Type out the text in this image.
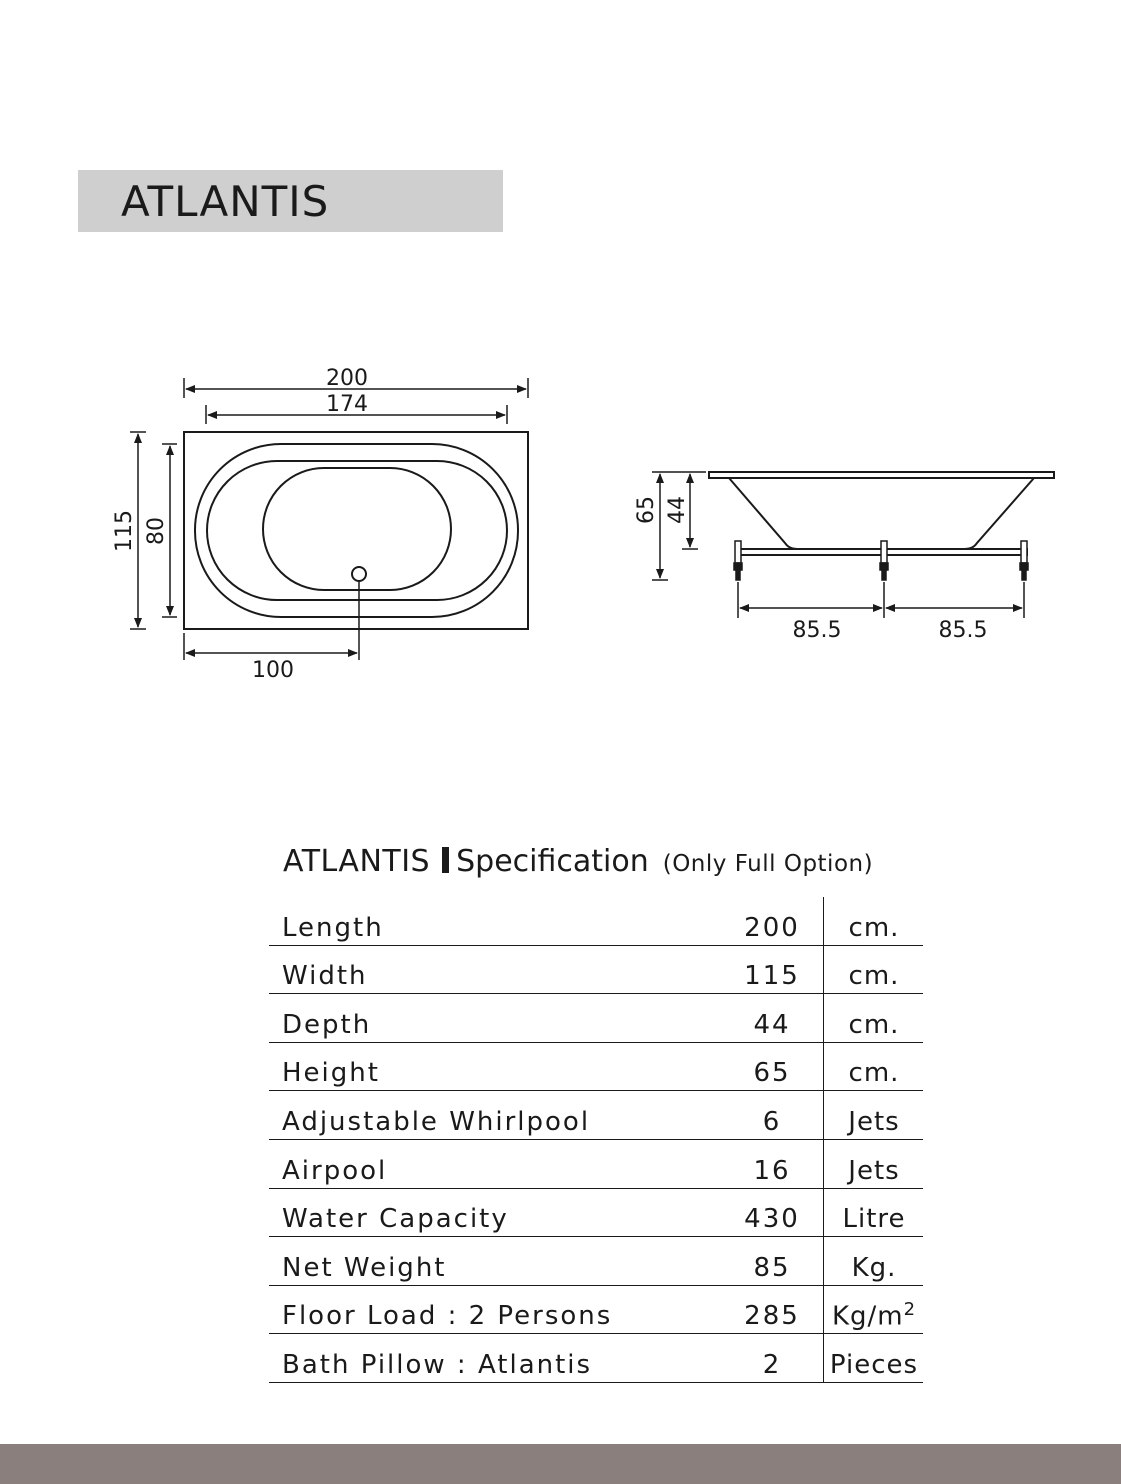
ATLANTIS
200
174
115 80
100
65 44
85.5	85.5
ATLANTIS Specification (Only Full Option)
Length	200	cm.
Width	115	cm.
Depth	44	cm.
Height	65	cm.
Adjustable Whirlpool	6	Jets
Airpool	16	Jets
Water Capacity	430	Litre
Net Weight	85	Kg.
Floor Load : 2 Persons	285	$Kg/m^2$
Bath Pillow : Atlantis	2	Pieces
